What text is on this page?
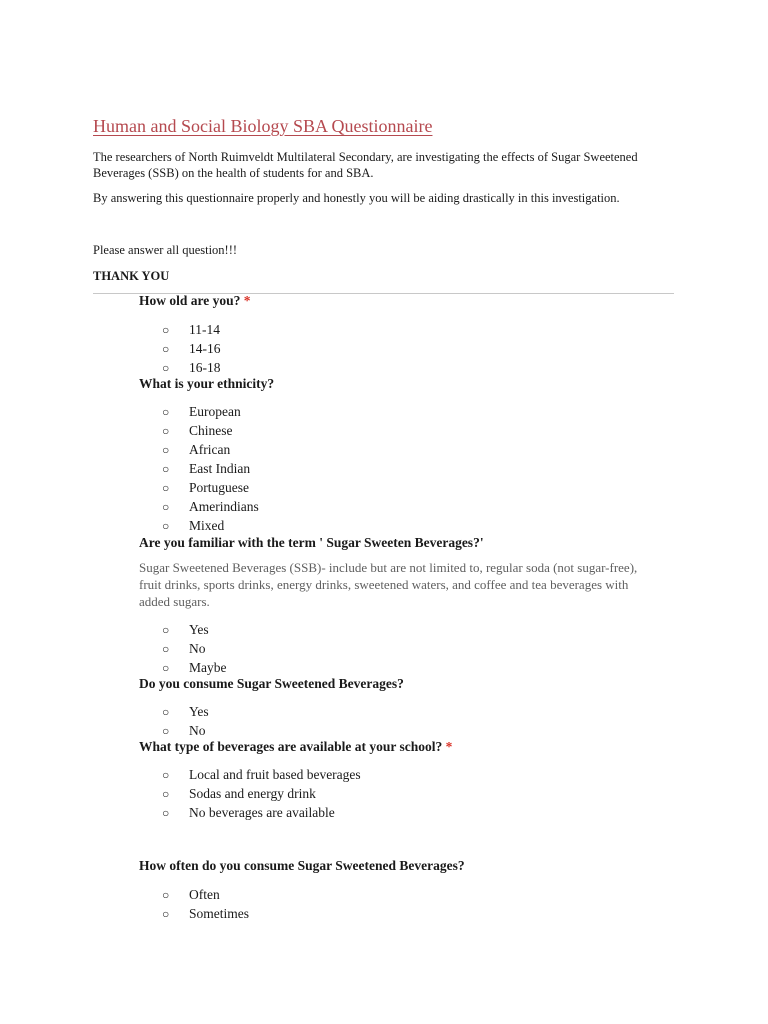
Human and Social Biology SBA Questionnaire
The researchers of North Ruimveldt Multilateral Secondary, are investigating the effects of Sugar Sweetened Beverages (SSB) on the health of students for and SBA.
By answering this questionnaire properly and honestly you will be aiding drastically in this investigation.
Please answer all question!!!
THANK YOU
How old are you? *
○ 11-14
○ 14-16
○ 16-18
What is your ethnicity?
○ European
○ Chinese
○ African
○ East Indian
○ Portuguese
○ Amerindians
○ Mixed
Are you familiar with the term ' Sugar Sweeten Beverages?'
Sugar Sweetened Beverages (SSB)- include but are not limited to, regular soda (not sugar-free), fruit drinks, sports drinks, energy drinks, sweetened waters, and coffee and tea beverages with added sugars.
○ Yes
○ No
○ Maybe
Do you consume Sugar Sweetened Beverages?
○ Yes
○ No
What type of beverages are available at your school? *
○ Local and fruit based beverages
○ Sodas and energy drink
○ No beverages are available
How often do you consume Sugar Sweetened Beverages?
○ Often
○ Sometimes
